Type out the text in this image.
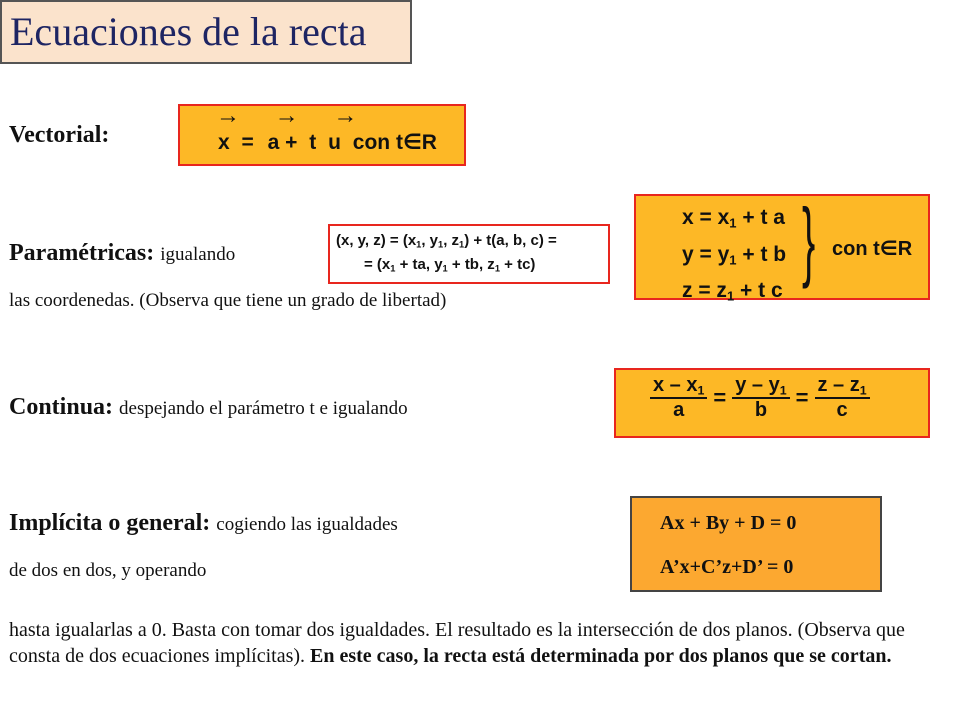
Ecuaciones de la recta
Vectorial:
→ → →
x = a + t u con t∈R
Paramétricas: igualando
las coordenedas. (Observa que tiene un grado de libertad)
(x, y, $z) = (x_1$, $y_1$, $z_1) + t(a$, b, c) =
= ($x_1$ + ta, $y_1$ + tb, $z_1 + tc$)
$x = x_1 + t$ a
$y = y_1 + t$ b
$z = z_1 + t$ c
} con t∈R
Continua: despejando el parámetro t e igualando	$\frac{x - x_1}{a} = \frac{y - y_1}{b} = \frac{z - z_1}{c}$
Implícita o general: cogiendo las igualdades
de dos en dos, y operando
Ax + By + D = 0
A’x+C’z+D’ = 0
hasta igualarlas a 0. Basta con tomar dos igualdades. El resultado es la intersección de dos planos. (Observa que consta de dos ecuaciones implícitas). En este caso, la recta está determinada por dos planos que se cortan.
